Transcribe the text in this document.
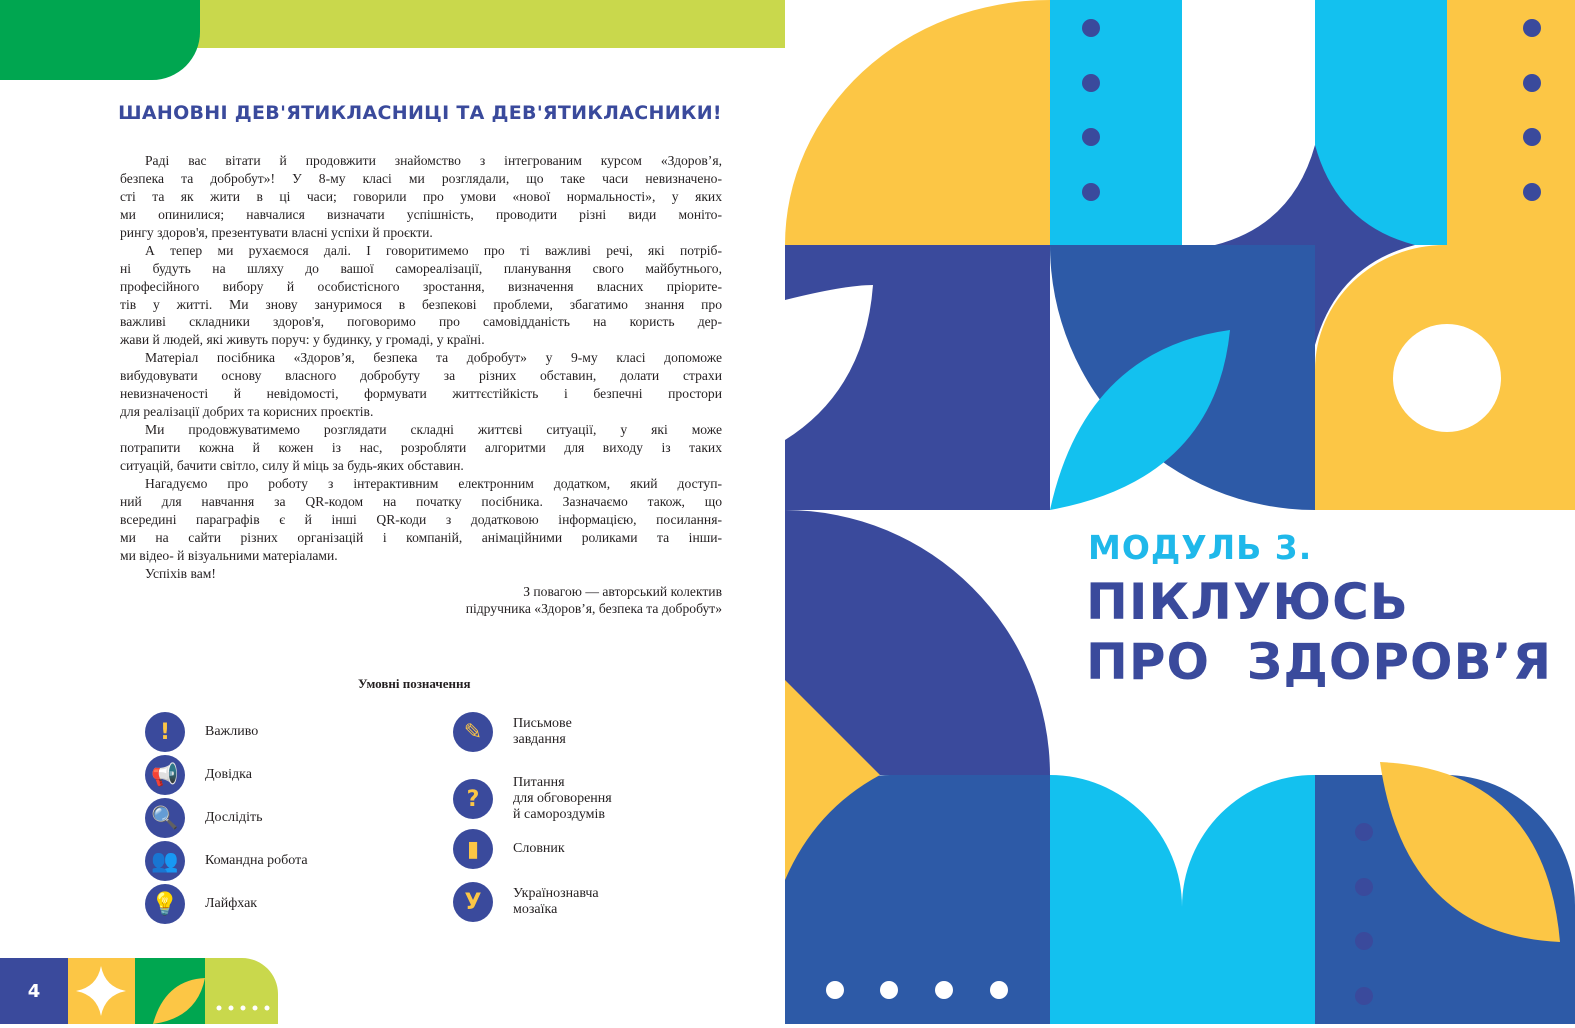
ШАНОВНІ ДЕВ'ЯТИКЛАСНИЦІ ТА ДЕВ'ЯТИКЛАСНИКИ!
Раді вас вітати й продовжити знайомство з інтегрованим курсом «Здоров’я,
безпека та добробут»! У 8-му класі ми розглядали, що таке часи невизначено-
сті та як жити в ці часи; говорили про умови «нової нормальності», у яких
ми опинилися; навчалися визначати успішність, проводити різні види моніто-
рингу здоров'я, презентувати власні успіхи й проєкти.
А тепер ми рухаємося далі. І говоритимемо про ті важливі речі, які потріб-
ні будуть на шляху до вашої самореалізації, планування свого майбутнього,
професійного вибору й особистісного зростання, визначення власних пріорите-
тів у житті. Ми знову зануримося в безпекові проблеми, збагатимо знання про
важливі складники здоров'я, поговоримо про самовідданість на користь дер-
жави й людей, які живуть поруч: у будинку, у громаді, у країні.
Матеріал посібника «Здоров’я, безпека та добробут» у 9-му класі допоможе
вибудовувати основу власного добробуту за різних обставин, долати страхи
невизначеності й невідомості, формувати життєстійкість і безпечні простори
для реалізації добрих та корисних проєктів.
Ми продовжуватимемо розглядати складні життєві ситуації, у які може
потрапити кожна й кожен із нас, розробляти алгоритми для виходу із таких
ситуацій, бачити світло, силу й міць за будь-яких обставин.
Нагадуємо про роботу з інтерактивним електронним додатком, який доступ-
ний для навчання за QR-кодом на початку посібника. Зазначаємо також, що
всередині параграфів є й інші QR-коди з додатковою інформацією, посилання-
ми на сайти різних організацій і компаній, анімаційними роликами та інши-
ми відео- й візуальними матеріалами.
Успіхів вам!
З повагою — авторський колектив
підручника «Здоров’я, безпека та добробут»
Умовні позначення
!	Важливо
📢	Довідка
🔍	Дослідіть
👥	Командна робота
💡	Лайфхак
✎	Письмове
завдання
?
Питання
для обговорення
й саморoздумів
▮	Словник
У	Українознавча
мозаїка
4
МОДУЛЬ 3.
ПІКЛУЮСЬ
ПРО  ЗДОРОВ’Я
